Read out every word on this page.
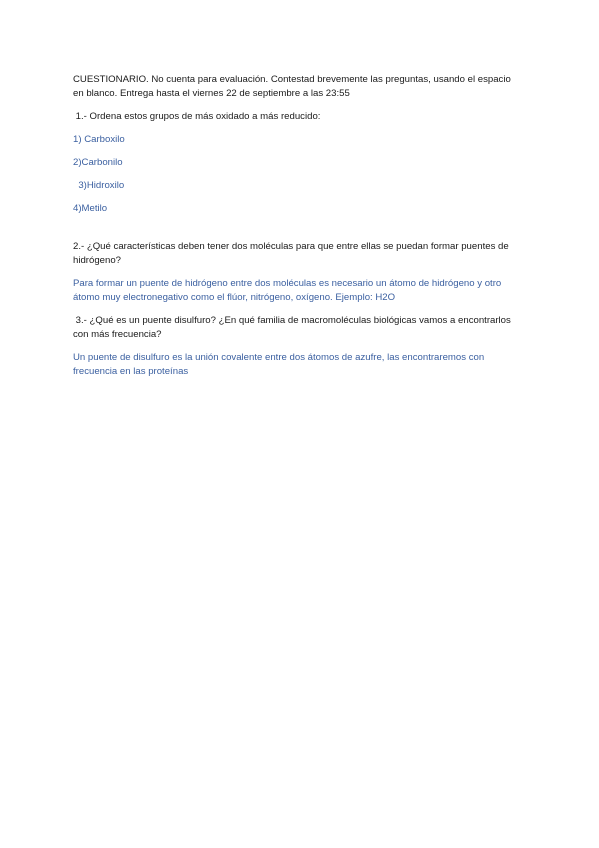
CUESTIONARIO. No cuenta para evaluación. Contestad brevemente las preguntas, usando el espacio en blanco. Entrega hasta el viernes 22 de septiembre a las 23:55

1.- Ordena estos grupos de más oxidado a más reducido:

1) Carboxilo

2)Carbonilo

3)Hidroxilo

4)Metilo

2.- ¿Qué características deben tener dos moléculas para que entre ellas se puedan formar puentes de hidrógeno?

Para formar un puente de hidrógeno entre dos moléculas es necesario un átomo de hidrógeno y otro átomo muy electronegativo como el flúor, nitrógeno, oxígeno. Ejemplo: H2O

3.- ¿Qué es un puente disulfuro? ¿En qué familia de macromoléculas biológicas vamos a encontrarlos con más frecuencia?

Un puente de disulfuro es la unión covalente entre dos átomos de azufre, las encontraremos con frecuencia en las proteínas
